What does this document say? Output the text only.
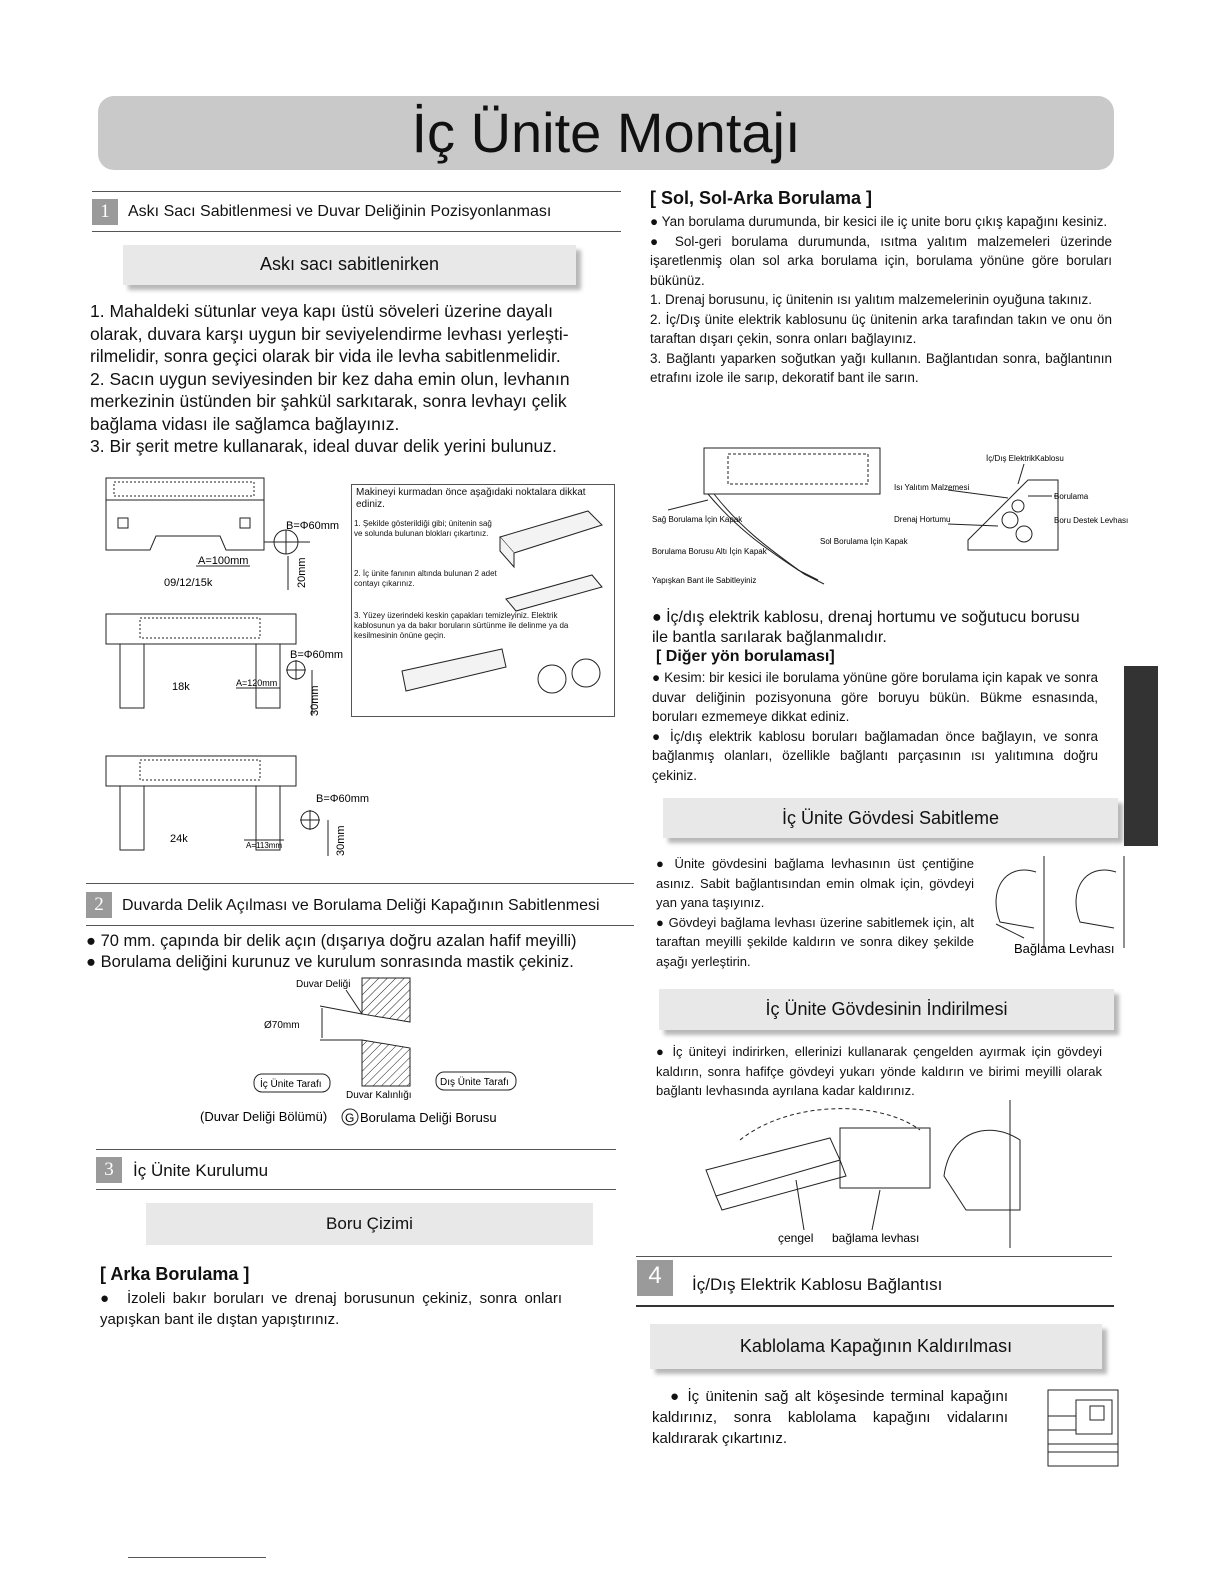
İç Ünite Montajı
1	Askı Sacı Sabitlenmesi ve Duvar Deliğinin Pozisyonlanması
Askı sacı sabitlenirken
1. Mahaldeki sütunlar veya kapı üstü söveleri üzerine dayalı olarak, duvara karşı uygun bir seviyelendirme levhası yerleşti-rilmelidir, sonra geçici olarak bir vida ile levha sabitlenmelidir.
2. Sacın uygun seviyesinden bir kez daha emin olun, levhanın merkezinin üstünden bir şahkül sarkıtarak, sonra levhayı çelik bağlama vidası ile sağlamca bağlayınız.
3. Bir şerit metre kullanarak, ideal duvar delik yerini bulunuz.
B=Φ60mm
A=100mm	20mm
09/12/15k
B=Φ60mm
18k	A=120mm
30mm
B=Φ60mm
24k
A=113mm	30mm
Makineyi kurmadan önce aşağıdaki noktalara dikkat ediniz.
1. Şekilde gösterildiği gibi; ünitenin sağ ve solunda bulunan blokları çıkartınız.
2. İç ünite fanının altında bulunan 2 adet contayı çıkarınız.
3. Yüzey üzerindeki keskin çapakları temizleyiniz. Elektrik kablosunun ya da bakır boruların sürtünme ile delinme ya da kesilmesinin önüne geçin.
2	Duvarda Delik Açılması ve Borulama Deliği Kapağının Sabitlenmesi
● 70 mm. çapında bir delik açın (dışarıya doğru azalan hafif meyilli)
● Borulama deliğini kurunuz ve kurulum sonrasında mastik çekiniz.
Duvar Deliği
Ø70mm
İç Ünite Tarafı	Dış Ünite Tarafı
Duvar Kalınlığı
(Duvar Deliği Bölümü) G Borulama Deliği Borusu
3	İç Ünite Kurulumu
Boru Çizimi
[ Arka Borulama ]
●  İzoleli bakır boruları ve drenaj borusunun çekiniz, sonra onları yapışkan bant ile dıştan yapıştırınız.
[ Sol, Sol-Arka Borulama ]

● Yan borulama durumunda, bir kesici ile iç unite boru çıkış kapağını kesiniz.

● Sol-geri borulama durumunda, ısıtma yalıtım malzemeleri üzerinde işaretlenmiş olan sol arka borulama için, borulama yönüne göre boruları bükünüz.

1. Drenaj borusunu, iç ünitenin ısı yalıtım malzemelerinin oyuğuna takınız.

2. İç/Dış ünite elektrik kablosunu üç ünitenin arka tarafından takın ve onu ön taraftan dışarı çekin, sonra onları bağlayınız.

3. Bağlantı yaparken soğutkan yağı kullanın. Bağlantıdan sonra, bağlantının etrafını izole ile sarıp, dekoratif bant ile sarın.

Sağ Borulama İçin Kapak
Borulama Borusu Altı İçin Kapak
Yapışkan Bant ile Sabitleyiniz
Sol Borulama İçin Kapak
İç/Dış ElektrikKablosu
Isı Yalıtım Malzemesi
Drenaj Hortumu
Borulama
Boru Destek Levhası
● İç/dış elektrik kablosu, drenaj hortumu ve soğutucu borusu ile bantla sarılarak bağlanmalıdır.
[ Diğer yön borulaması]

● Kesim: bir kesici ile borulama yönüne göre borulama için kapak ve sonra duvar deliğinin pozisyonuna göre boruyu bükün. Bükme esnasında, boruları ezmemeye dikkat ediniz.

● İç/dış elektrik kablosu boruları bağlamadan önce bağlayın, ve sonra bağlanmış olanları, özellikle bağlantı parçasının ısı yalıtımına doğru çekiniz.

İç Ünite Gövdesi Sabitleme

● Ünite gövdesini bağlama levhasının üst çentiğine asınız. Sabit bağlantısından emin olmak için, gövdeyi yan yana taşıyınız.

● Gövdeyi bağlama levhası üzerine sabitlemek için, alt taraftan meyilli şekilde kaldırın ve sonra dikey şekilde aşağı yerleştirin.

Bağlama Levhası
İç Ünite Gövdesinin İndirilmesi

● İç üniteyi indirirken, ellerinizi kullanarak çengelden ayırmak için gövdeyi kaldırın, sonra hafifçe gövdeyi yukarı yönde kaldırın ve birimi meyilli olarak bağlantı levhasında ayrılana kadar kaldırınız.

çengel bağlama levhası
4	İç/Dış Elektrik Kablosu Bağlantısı
Kablolama Kapağının Kaldırılması
● İç ünitenin sağ alt köşesinde terminal kapağını kaldırınız, sonra kablolama kapağını vidalarını kaldırarak çıkartınız.
